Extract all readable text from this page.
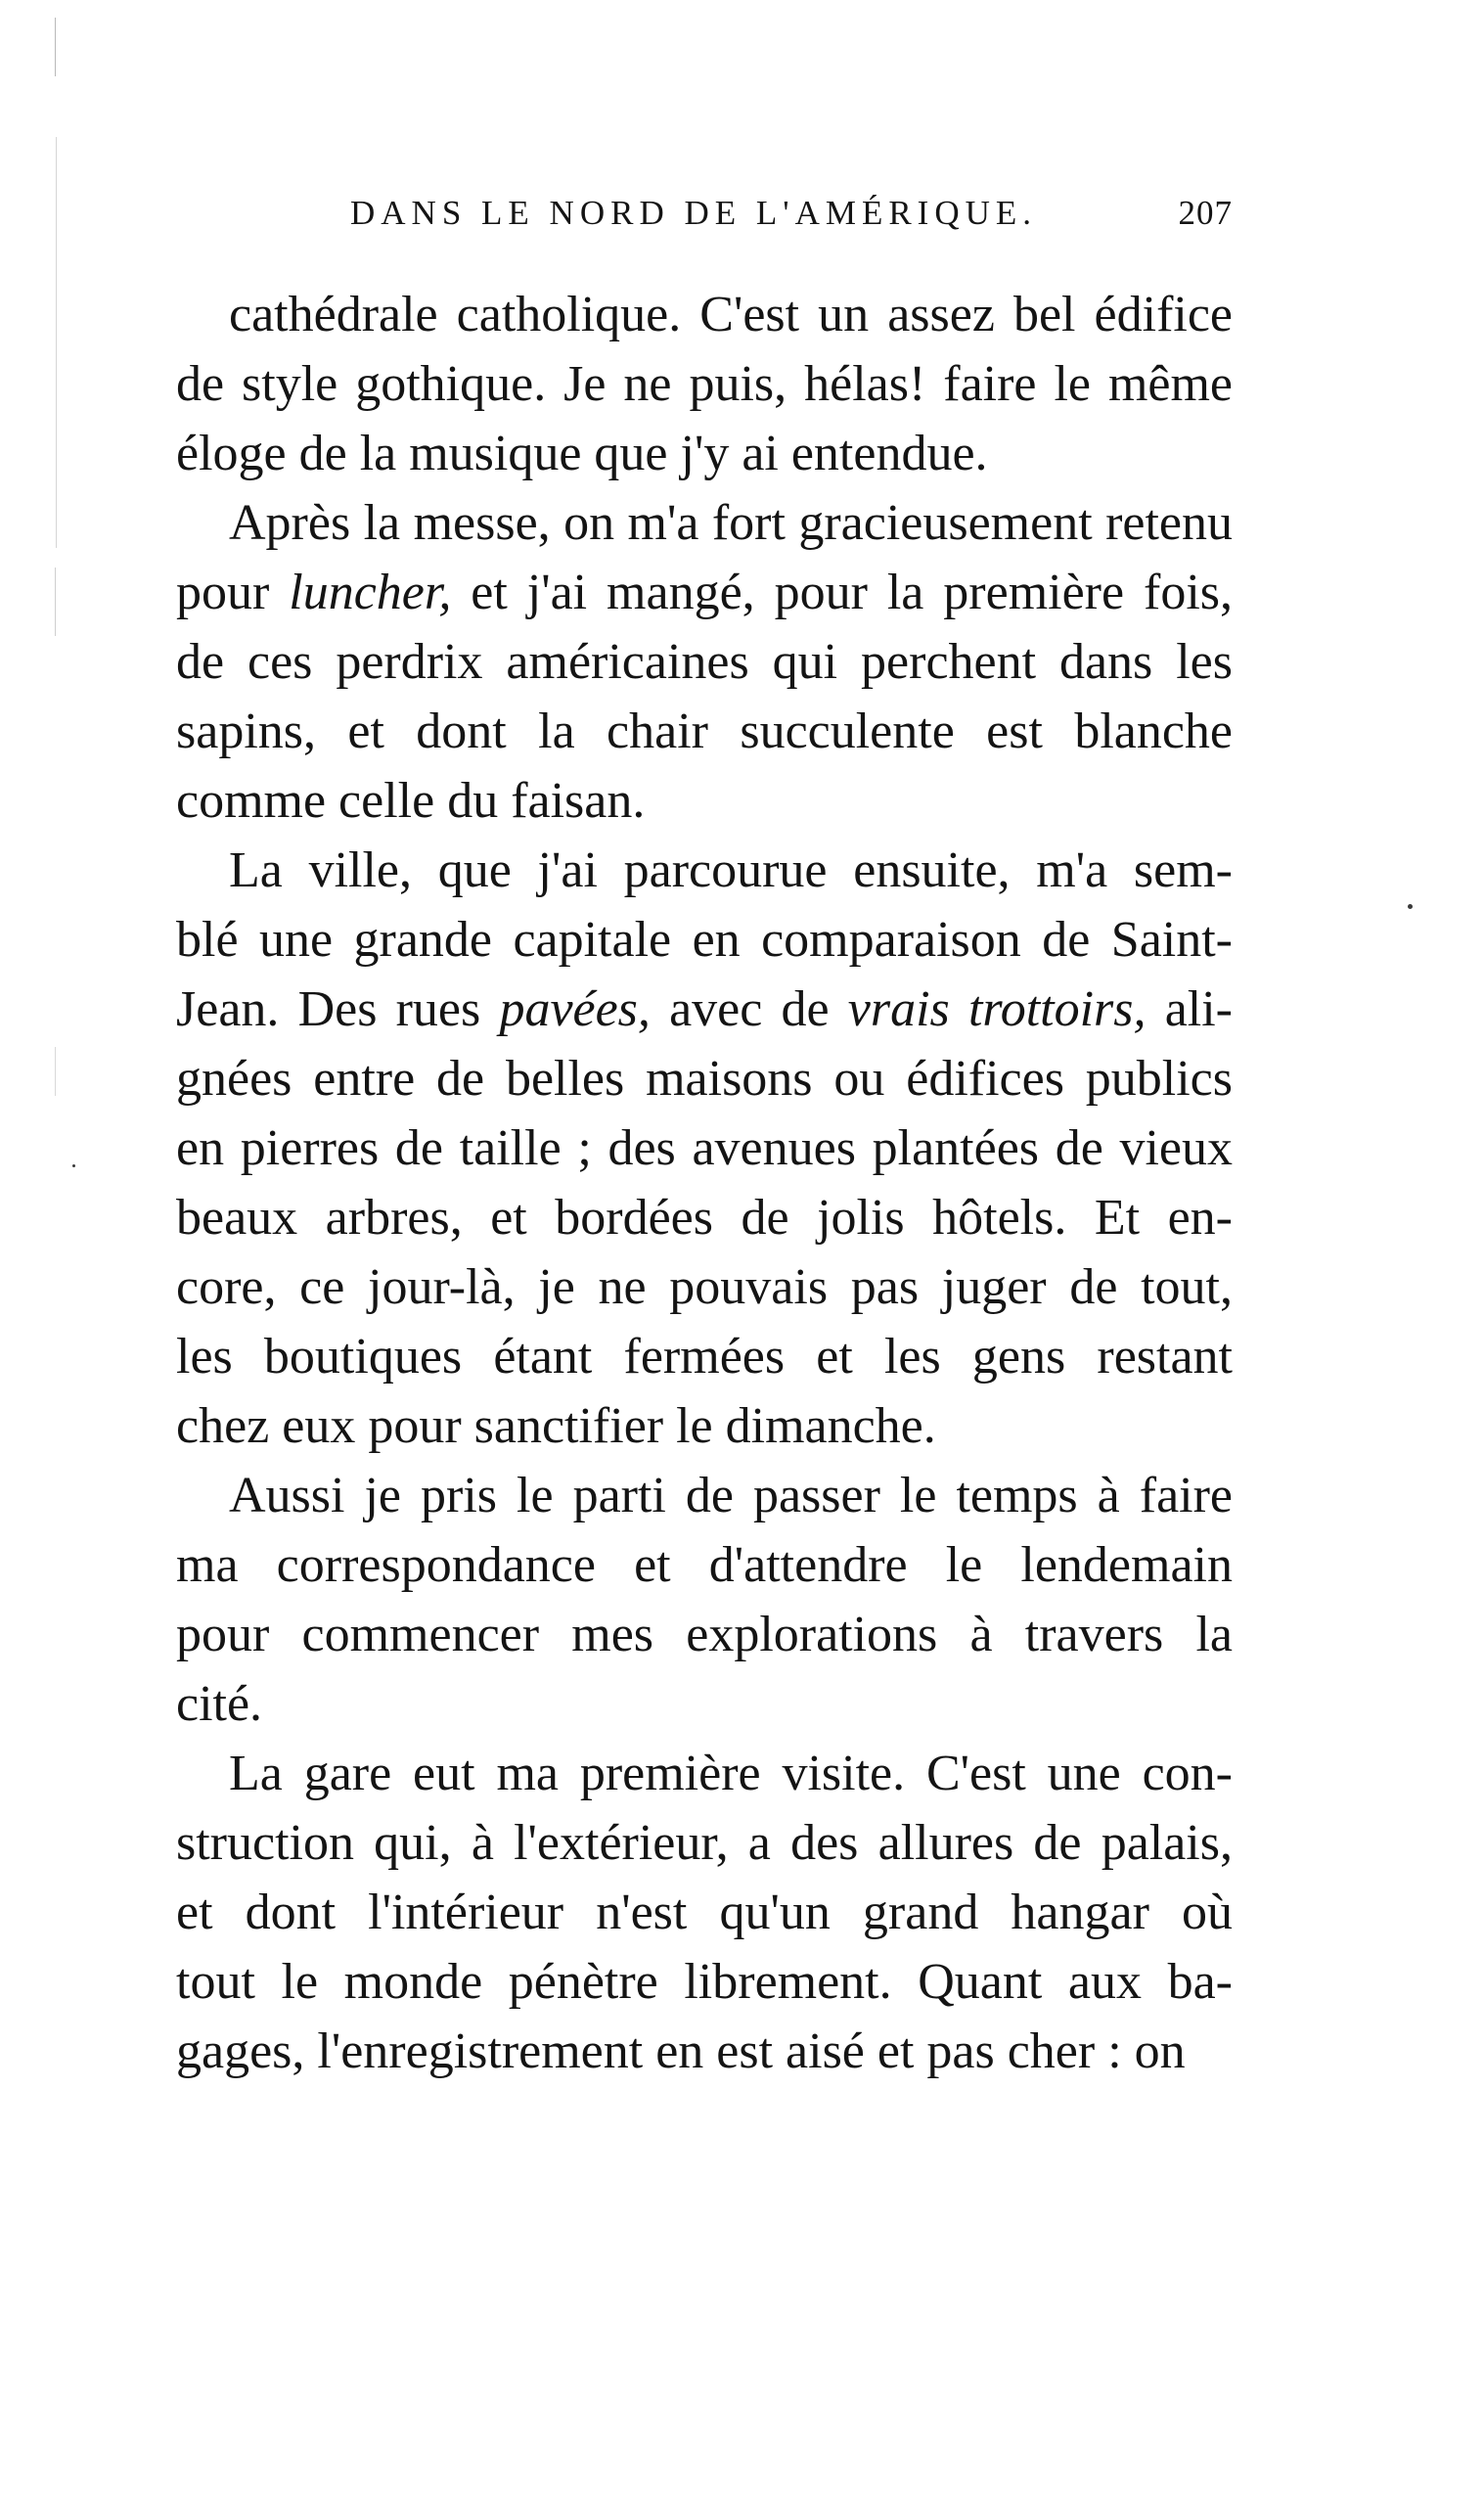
DANS LE NORD DE L'AMÉRIQUE.	207
cathédrale catholique. C'est un assez bel édifice
de style gothique. Je ne puis, hélas! faire le même
éloge de la musique que j'y ai entendue.
Après la messe, on m'a fort gracieusement retenu
pour luncher, et j'ai mangé, pour la première fois,
de ces perdrix américaines qui perchent dans les
sapins, et dont la chair succulente est blanche
comme celle du faisan.
La ville, que j'ai parcourue ensuite, m'a sem-
blé une grande capitale en comparaison de Saint-
Jean. Des rues pavées, avec de vrais trottoirs, ali-
gnées entre de belles maisons ou édifices publics
en pierres de taille ; des avenues plantées de vieux
beaux arbres, et bordées de jolis hôtels. Et en-
core, ce jour-là, je ne pouvais pas juger de tout,
les boutiques étant fermées et les gens restant
chez eux pour sanctifier le dimanche.
Aussi je pris le parti de passer le temps à faire
ma correspondance et d'attendre le lendemain
pour commencer mes explorations à travers la
cité.
La gare eut ma première visite. C'est une con-
struction qui, à l'extérieur, a des allures de palais,
et dont l'intérieur n'est qu'un grand hangar où
tout le monde pénètre librement. Quant aux ba-
gages, l'enregistrement en est aisé et pas cher : on
